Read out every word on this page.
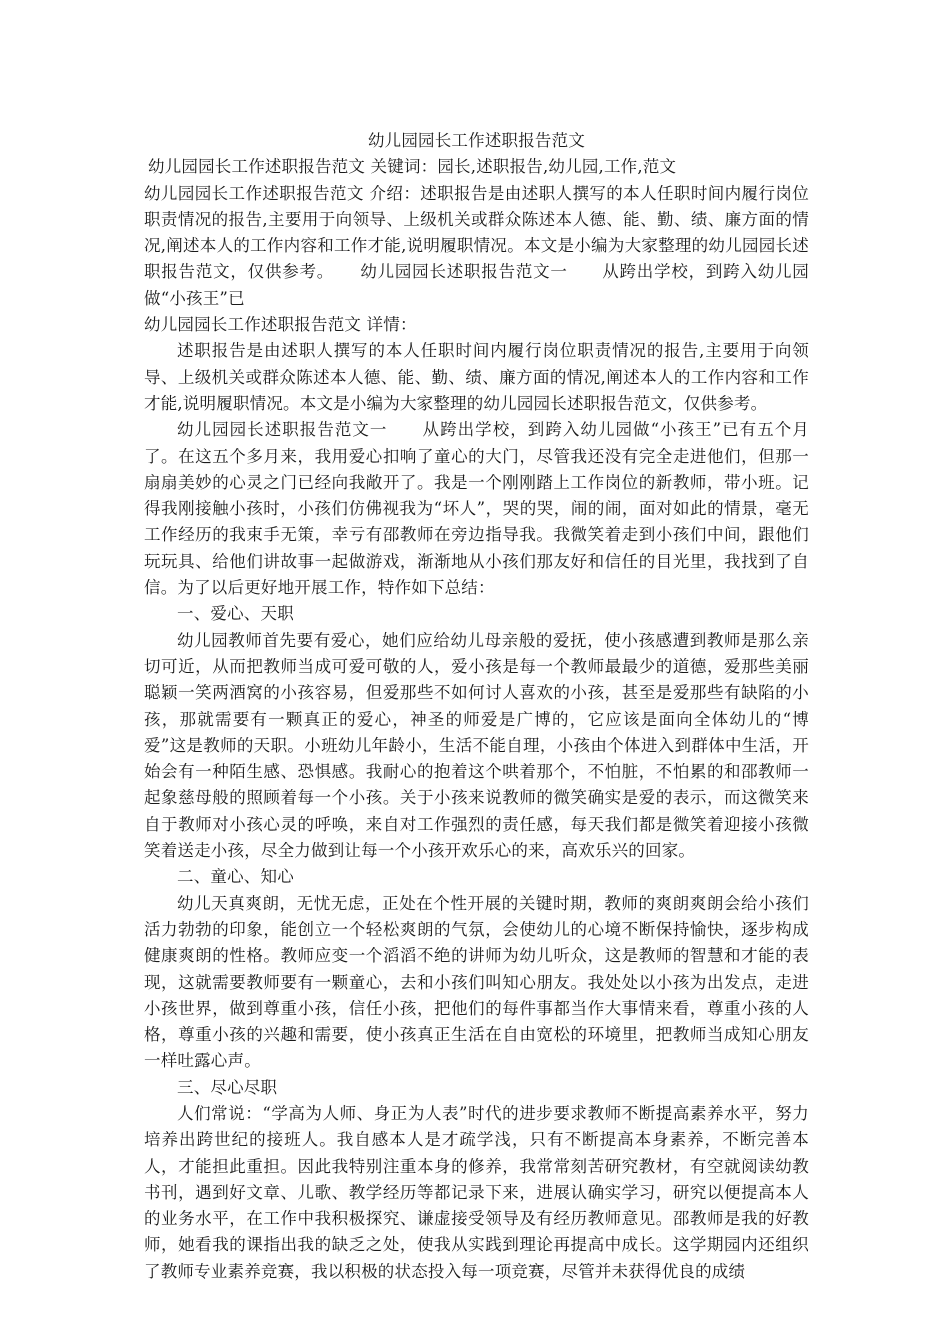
幼儿园园长工作述职报告范文

幼儿园园长工作述职报告范文 关键词：园长,述职报告,幼儿园,工作,范文

幼儿园园长工作述职报告范文 介绍：述职报告是由述职人撰写的本人任职时间内履行岗位职责情况的报告,主要用于向领导、上级机关或群众陈述本人德、能、勤、绩、廉方面的情况,阐述本人的工作内容和工作才能,说明履职情况。本文是小编为大家整理的幼儿园园长述职报告范文，仅供参考。　　幼儿园园长述职报告范文一　　从跨出学校，到跨入幼儿园做“小孩王”已

幼儿园园长工作述职报告范文 详情：

述职报告是由述职人撰写的本人任职时间内履行岗位职责情况的报告,主要用于向领导、上级机关或群众陈述本人德、能、勤、绩、廉方面的情况,阐述本人的工作内容和工作才能,说明履职情况。本文是小编为大家整理的幼儿园园长述职报告范文，仅供参考。

幼儿园园长述职报告范文一　　从跨出学校，到跨入幼儿园做“小孩王”已有五个月了。在这五个多月来，我用爱心扣响了童心的大门，尽管我还没有完全走进他们，但那一扇扇美妙的心灵之门已经向我敞开了。我是一个刚刚踏上工作岗位的新教师，带小班。记得我刚接触小孩时，小孩们仿佛视我为“坏人”，哭的哭，闹的闹，面对如此的情景，毫无工作经历的我束手无策，幸亏有邵教师在旁边指导我。我微笑着走到小孩们中间，跟他们玩玩具、给他们讲故事一起做游戏，渐渐地从小孩们那友好和信任的目光里，我找到了自信。为了以后更好地开展工作，特作如下总结：

一、爱心、天职

幼儿园教师首先要有爱心，她们应给幼儿母亲般的爱抚，使小孩感遭到教师是那么亲切可近，从而把教师当成可爱可敬的人，爱小孩是每一个教师最最少的道德，爱那些美丽聪颖一笑两酒窝的小孩容易，但爱那些不如何讨人喜欢的小孩，甚至是爱那些有缺陷的小孩，那就需要有一颗真正的爱心，神圣的师爱是广博的，它应该是面向全体幼儿的“博爱”这是教师的天职。小班幼儿年龄小，生活不能自理，小孩由个体进入到群体中生活，开始会有一种陌生感、恐惧感。我耐心的抱着这个哄着那个，不怕脏，不怕累的和邵教师一起象慈母般的照顾着每一个小孩。关于小孩来说教师的微笑确实是爱的表示，而这微笑来自于教师对小孩心灵的呼唤，来自对工作强烈的责任感，每天我们都是微笑着迎接小孩微笑着送走小孩，尽全力做到让每一个小孩开欢乐心的来，高欢乐兴的回家。

二、童心、知心

幼儿天真爽朗，无忧无虑，正处在个性开展的关键时期，教师的爽朗爽朗会给小孩们活力勃勃的印象，能创立一个轻松爽朗的气氛，会使幼儿的心境不断保持愉快，逐步构成健康爽朗的性格。教师应变一个滔滔不绝的讲师为幼儿听众，这是教师的智慧和才能的表现，这就需要教师要有一颗童心，去和小孩们叫知心朋友。我处处以小孩为出发点，走进小孩世界，做到尊重小孩，信任小孩，把他们的每件事都当作大事情来看，尊重小孩的人格，尊重小孩的兴趣和需要，使小孩真正生活在自由宽松的环境里，把教师当成知心朋友一样吐露心声。

三、尽心尽职

人们常说：“学高为人师、身正为人表”时代的进步要求教师不断提高素养水平，努力培养出跨世纪的接班人。我自感本人是才疏学浅，只有不断提高本身素养，不断完善本人，才能担此重担。因此我特别注重本身的修养，我常常刻苦研究教材，有空就阅读幼教书刊，遇到好文章、儿歌、教学经历等都记录下来，进展认确实学习，研究以便提高本人的业务水平，在工作中我积极探究、谦虚接受领导及有经历教师意见。邵教师是我的好教师，她看我的课指出我的缺乏之处，使我从实践到理论再提高中成长。这学期园内还组织了教师专业素养竞赛，我以积极的状态投入每一项竞赛，尽管并未获得优良的成绩
